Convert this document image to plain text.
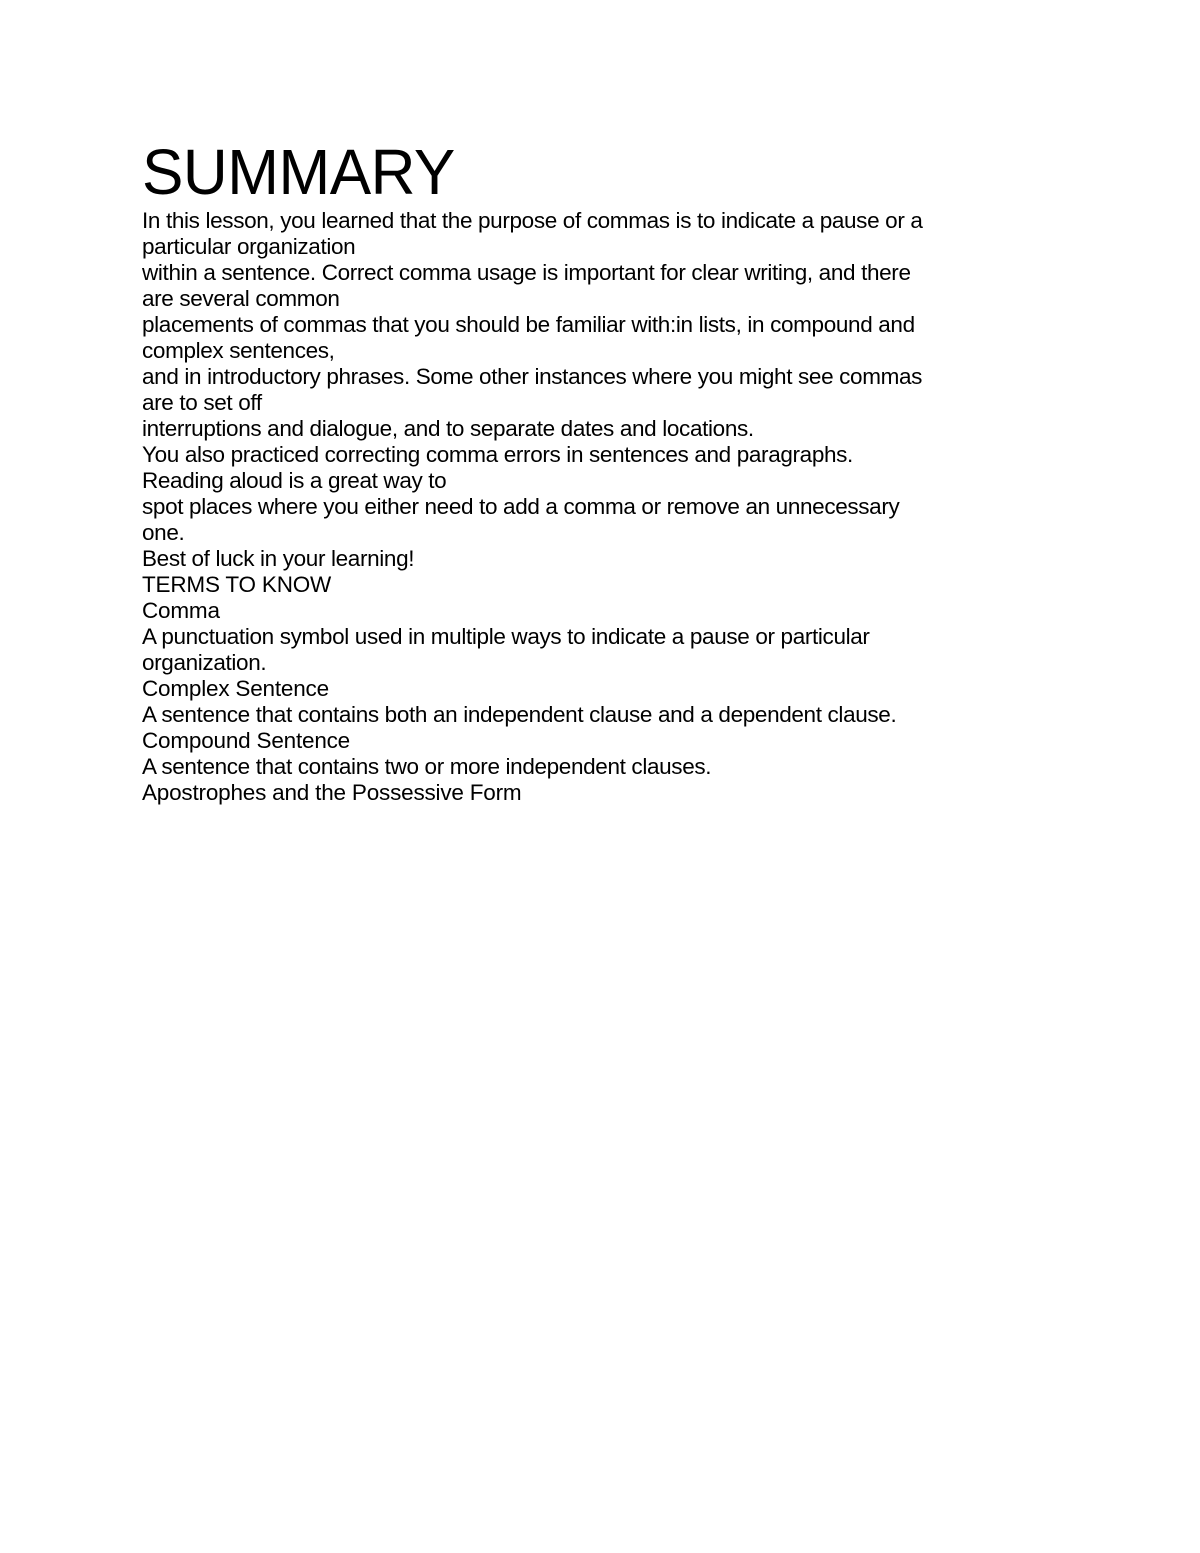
SUMMARY

In this lesson, you learned that the purpose of commas is to indicate a pause or a

particular organization

within a sentence. Correct comma usage is important for clear writing, and there

are several common

placements of commas that you should be familiar with:in lists, in compound and

complex sentences,

and in introductory phrases. Some other instances where you might see commas

are to set off

interruptions and dialogue, and to separate dates and locations.

You also practiced correcting comma errors in sentences and paragraphs.

Reading aloud is a great way to

spot places where you either need to add a comma or remove an unnecessary

one.

Best of luck in your learning!

TERMS TO KNOW

Comma

A punctuation symbol used in multiple ways to indicate a pause or particular

organization.

Complex Sentence

A sentence that contains both an independent clause and a dependent clause.

Compound Sentence

A sentence that contains two or more independent clauses.

Apostrophes and the Possessive Form
